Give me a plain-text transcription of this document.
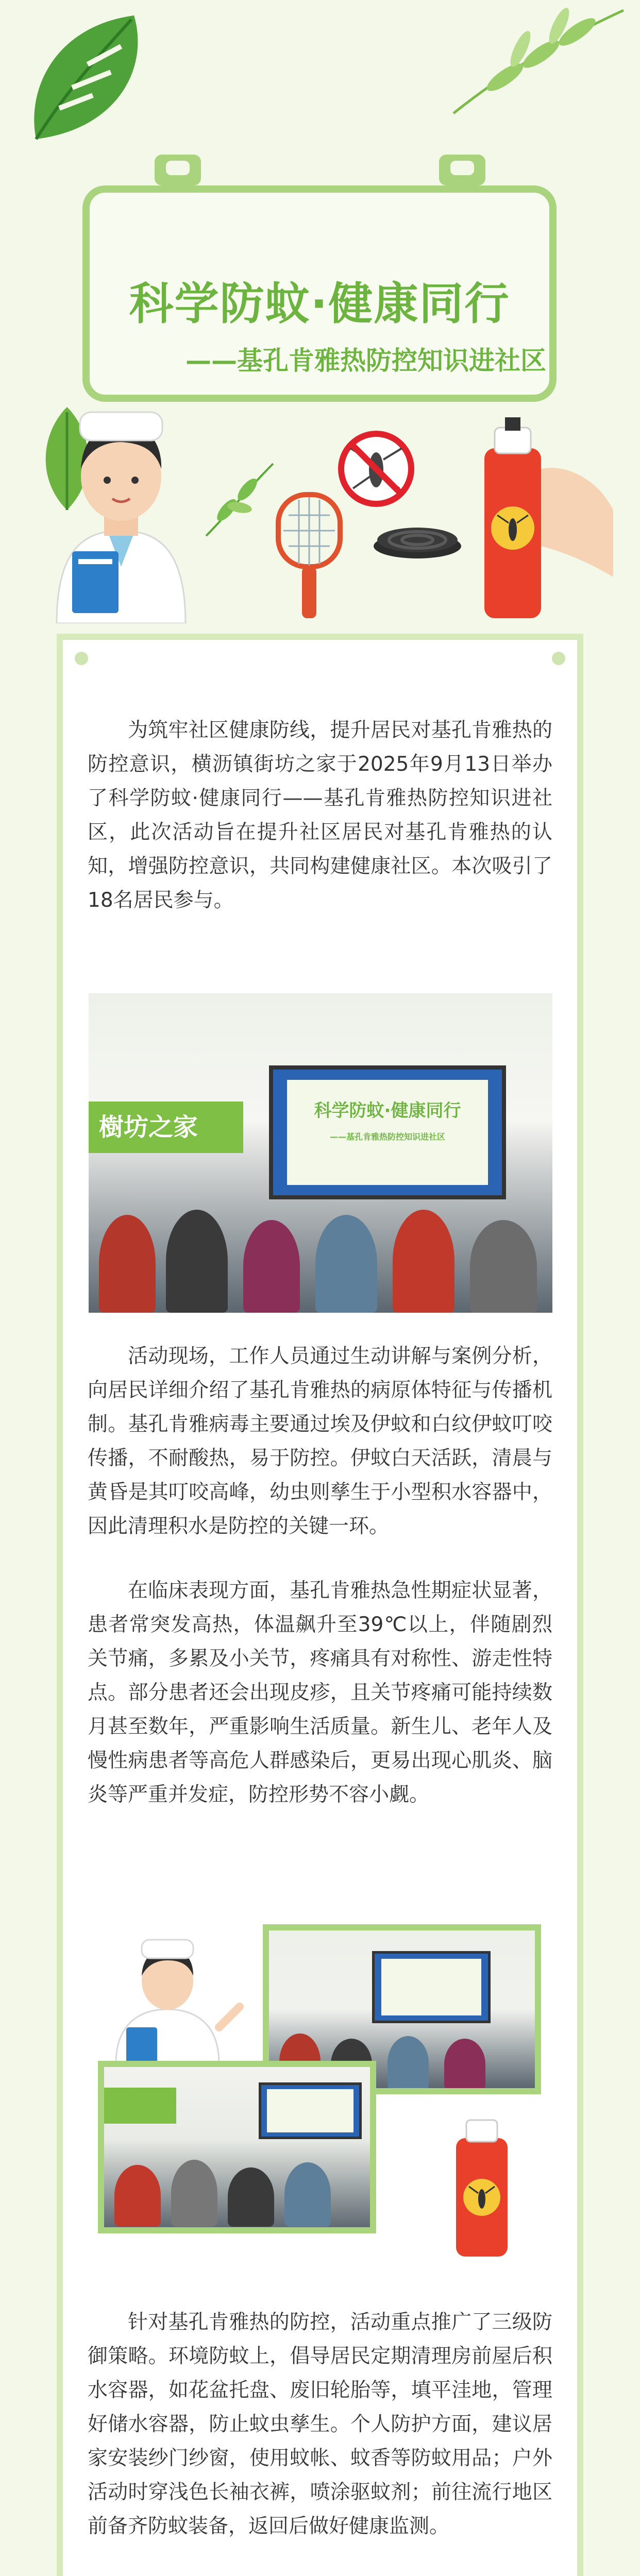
科学防蚊·健康同行
——基孔肯雅热防控知识进社区

为筑牢社区健康防线，提升居民对基孔肯雅热的防控意识，横沥镇街坊之家于2025年9月13日举办了科学防蚊·健康同行——基孔肯雅热防控知识进社区，此次活动旨在提升社区居民对基孔肯雅热的认知，增强防控意识，共同构建健康社区。本次吸引了18名居民参与。

樹坊之家
科学防蚊·健康同行
——基孔肯雅热防控知识进社区

活动现场，工作人员通过生动讲解与案例分析，向居民详细介绍了基孔肯雅热的病原体特征与传播机制。基孔肯雅病毒主要通过埃及伊蚊和白纹伊蚊叮咬传播，不耐酸热，易于防控。伊蚊白天活跃，清晨与黄昏是其叮咬高峰，幼虫则孳生于小型积水容器中，因此清理积水是防控的关键一环。

在临床表现方面，基孔肯雅热急性期症状显著，患者常突发高热，体温飙升至39℃以上，伴随剧烈关节痛，多累及小关节，疼痛具有对称性、游走性特点。部分患者还会出现皮疹，且关节疼痛可能持续数月甚至数年，严重影响生活质量。新生儿、老年人及慢性病患者等高危人群感染后，更易出现心肌炎、脑炎等严重并发症，防控形势不容小觑。

针对基孔肯雅热的防控，活动重点推广了三级防御策略。环境防蚊上，倡导居民定期清理房前屋后积水容器，如花盆托盘、废旧轮胎等，填平洼地，管理好储水容器，防止蚊虫孳生。个人防护方面，建议居家安装纱门纱窗，使用蚊帐、蚊香等防蚊用品；户外活动时穿浅色长袖衣裤，喷涂驱蚊剂；前往流行地区前备齐防蚊装备，返回后做好健康监测。
